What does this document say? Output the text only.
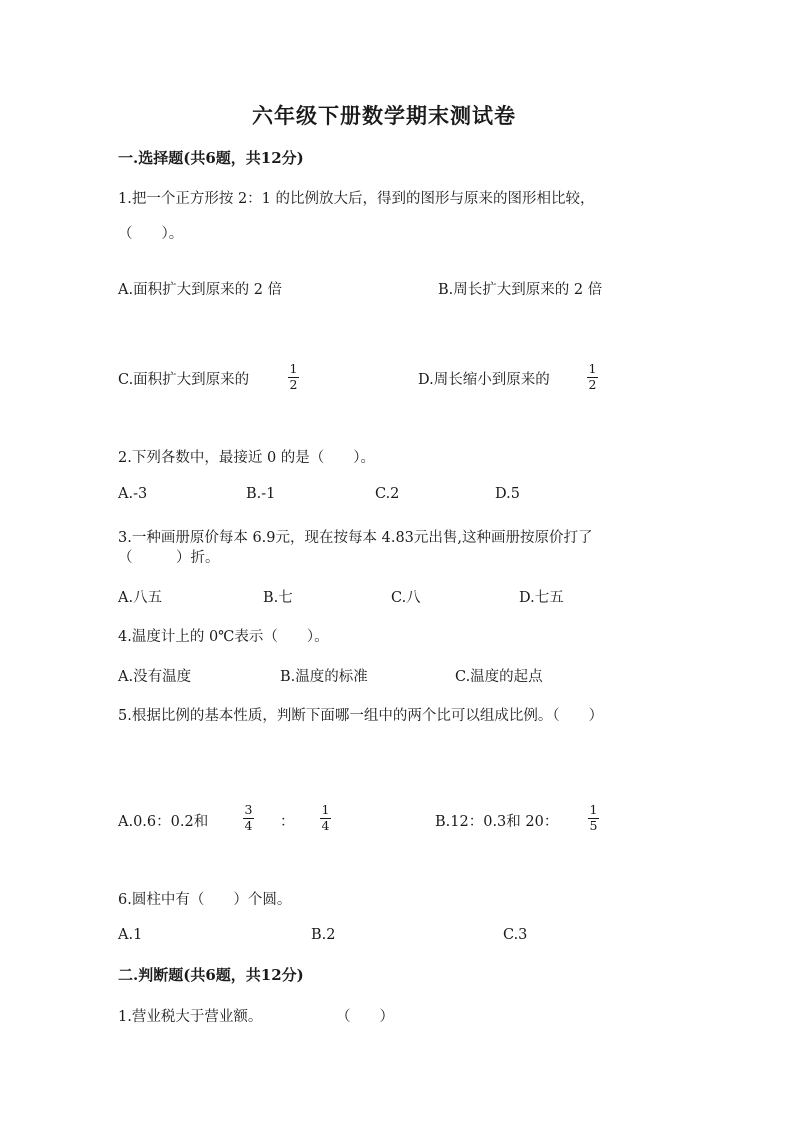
六年级下册数学期末测试卷
一.选择题(共6题，共12分)
1.把一个正方形按 2：1 的比例放大后，得到的图形与原来的图形相比较，
（　　）。
A.面积扩大到原来的 2 倍	B.周长扩大到原来的 2 倍
C.面积扩大到原来的
1
2	D.周长缩小到原来的
1
2
2.下列各数中，最接近 0 的是（　　）。
A.-3	B.-1	C.2	D.5
3.一种画册原价每本 6.9元，现在按每本 4.83元出售,这种画册按原价打了
（　　　）折。
A.八五	B.七	C.八	D.七五
4.温度计上的 0℃表示（　　）。
A.没有温度	B.温度的标准	C.温度的起点
5.根据比例的基本性质，判断下面哪一组中的两个比可以组成比例。（　　）
A.0.6：0.2和
3
4 ：
1
4	B.12：0.3和 20：
1
5
6.圆柱中有（　　）个圆。
A.1	B.2	C.3
二.判断题(共6题，共12分)
1.营业税大于营业额。	（　　）
